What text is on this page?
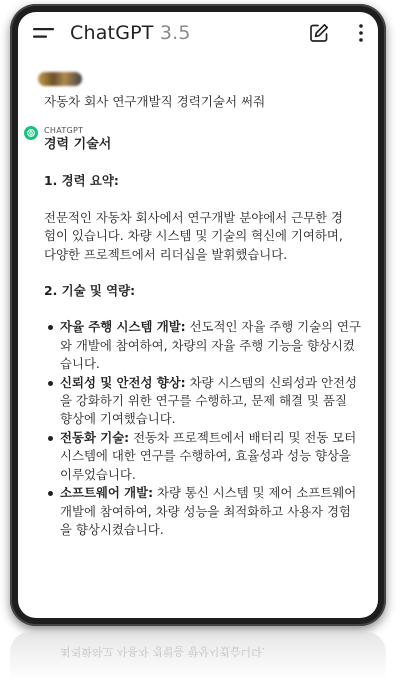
ChatGPT 3.5
자동차 회사 연구개발직 경력기술서 써줘
CHATGPT
경력 기술서
1. 경력 요약:
전문적인 자동차 회사에서 연구개발 분야에서 근무한 경험이 있습니다. 차량 시스템 및 기술의 혁신에 기여하며, 다양한 프로젝트에서 리더십을 발휘했습니다.
2. 기술 및 역량:
자율 주행 시스템 개발: 선도적인 자율 주행 기술의 연구와 개발에 참여하여, 차량의 자율 주행 기능을 향상시켰습니다.
신뢰성 및 안전성 향상: 차량 시스템의 신뢰성과 안전성을 강화하기 위한 연구를 수행하고, 문제 해결 및 품질 향상에 기여했습니다.
전동화 기술: 전동차 프로젝트에서 배터리 및 전동 모터 시스템에 대한 연구를 수행하여, 효율성과 성능 향상을 이루었습니다.
소프트웨어 개발: 차량 통신 시스템 및 제어 소프트웨어 개발에 참여하여, 차량 성능을 최적화하고 사용자 경험을 향상시켰습니다.
최적화하고 사용자 경험을 향상시켰습니다.
